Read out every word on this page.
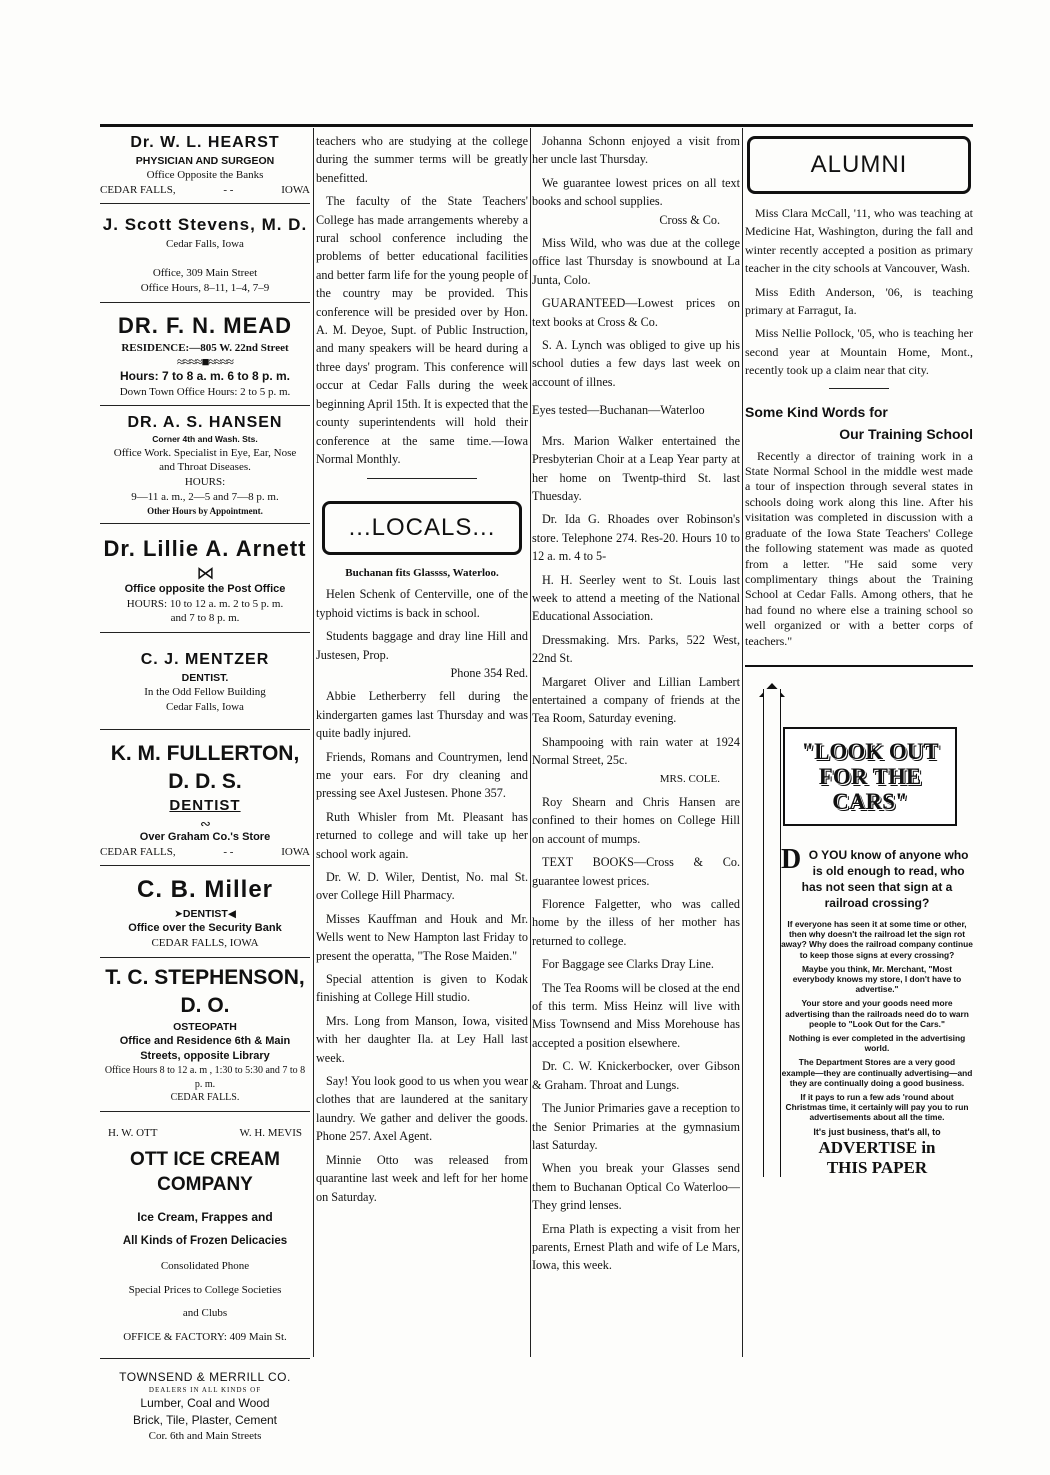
Dr. W. L. HEARST
PHYSICIAN AND SURGEON
Office Opposite the Banks
CEDAR FALLS,	- -	IOWA
J. Scott Stevens, M. D.
Cedar Falls, Iowa
Office, 309 Main Street
Office Hours, 8–11, 1–4, 7–9
DR. F. N. MEAD
RESIDENCE:—805 W. 22nd Street
≈≈≈≈■≈≈≈≈
Hours: 7 to 8 a. m. 6 to 8 p. m.
Down Town Office Hours: 2 to 5 p. m.
DR. A. S. HANSEN
Corner 4th and Wash. Sts.
Office Work. Specialist in Eye, Ear, Nose and Throat Diseases.
HOURS:
9—11 a. m., 2—5 and 7—8 p. m.
Other Hours by Appointment.
Dr. Lillie A. Arnett
⋈
Office opposite the Post Office
HOURS: 10 to 12 a. m. 2 to 5 p. m. and 7 to 8 p. m.
C. J. MENTZER
DENTIST.
In the Odd Fellow Building
Cedar Falls, Iowa
K. M. FULLERTON, D. D. S.
DENTIST
∾
Over Graham Co.'s Store
CEDAR FALLS,	- -	IOWA
C. B. Miller
➤DENTIST◀
Office over the Security Bank
CEDAR FALLS, IOWA
T. C. STEPHENSON, D. O.
OSTEOPATH
Office and Residence 6th & Main Streets, opposite Library
Office Hours 8 to 12 a. m , 1:30 to 5:30 and 7 to 8 p. m.
CEDAR FALLS.
H. W. OTT	W. H. MEVIS
OTT ICE CREAM COMPANY
Ice Cream, Frappes and
All Kinds of Frozen Delicacies
Consolidated Phone
Special Prices to College Societies
and Clubs
OFFICE & FACTORY: 409 Main St.
TOWNSEND & MERRILL CO.
DEALERS IN ALL KINDS OF
Lumber, Coal and Wood
Brick, Tile, Plaster, Cement
Cor. 6th and Main Streets

teachers who are studying at the college during the summer terms will be greatly benefitted.

The faculty of the State Teachers' College has made arrangements whereby a rural school conference including the problems of better educational facilities and better farm life for the young people of the country may be provided. This conference will be presided over by Hon. A. M. Deyoe, Supt. of Public Instruction, and many speakers will be heard during a three days' program. This conference will occur at Cedar Falls during the week beginning April 15th. It is expected that the county superintendents will hold their conference at the same time.—Iowa Normal Monthly.

...LOCALS...
Buchanan fits Glassss, Waterloo.

Helen Schenk of Centerville, one of the typhoid victims is back in school.

Students baggage and dray line Hill and Justesen, Prop.

Phone 354 Red.

Abbie Letherberry fell during the kindergarten games last Thursday and was quite badly injured.

Friends, Romans and Countrymen, lend me your ears. For dry cleaning and pressing see Axel Justesen. Phone 357.

Ruth Whisler from Mt. Pleasant has returned to college and will take up her school work again.

Dr. W. D. Wiler, Dentist, No. mal St. over College Hill Pharmacy.

Misses Kauffman and Houk and Mr. Wells went to New Hampton last Friday to present the operatta, "The Rose Maiden."

Special attention is given to Kodak finishing at College Hill studio.

Mrs. Long from Manson, Iowa, visited with her daughter Ila. at Ley Hall last week.

Say! You look good to us when you wear clothes that are laundered at the sanitary laundry. We gather and deliver the goods. Phone 257. Axel Agent.

Minnie Otto was released from quarantine last week and left for her home on Saturday.

Johanna Schonn enjoyed a visit from her uncle last Thursday.

We guarantee lowest prices on all text books and school supplies.

Cross & Co.

Miss Wild, who was due at the college office last Thursday is snowbound at La Junta, Colo.

GUARANTEED—Lowest prices on text books at Cross & Co.

S. A. Lynch was obliged to give up his school duties a few days last week on account of illnes.

Eyes tested—Buchanan—Waterloo

Mrs. Marion Walker entertained the Presbyterian Choir at a Leap Year party at her home on Twentp-third St. last Thuesday.

Dr. Ida G. Rhoades over Robinson's store. Telephone 274. Res-20. Hours 10 to 12 a. m. 4 to 5-

H. H. Seerley went to St. Louis last week to attend a meeting of the National Educational Association.

Dressmaking. Mrs. Parks, 522 West, 22nd St.

Margaret Oliver and Lillian Lambert entertained a company of friends at the Tea Room, Saturday evening.

Shampooing with rain water at 1924 Normal Street, 25c.

MRS. COLE.

Roy Shearn and Chris Hansen are confined to their homes on College Hill on account of mumps.

TEXT BOOKS—Cross & Co. guarantee lowest prices.

Florence Falgetter, who was called home by the illess of her mother has returned to college.

For Baggage see Clarks Dray Line.

The Tea Rooms will be closed at the end of this term. Miss Heinz will live with Miss Townsend and Miss Morehouse has accepted a position elsewhere.

Dr. C. W. Knickerbocker, over Gibson & Graham. Throat and Lungs.

The Junior Primaries gave a reception to the Senior Primaries at the gymnasium last Saturday.

When you break your Glasses send them to Buchanan Optical Co Waterloo—They grind lenses.

Erna Plath is expecting a visit from her parents, Ernest Plath and wife of Le Mars, Iowa, this week.

ALUMNI

Miss Clara McCall, '11, who was teaching at Medicine Hat, Washington, during the fall and winter recently accepted a position as primary teacher in the city schools at Vancouver, Wash.

Miss Edith Anderson, '06, is teaching primary at Farragut, Ia.

Miss Nellie Pollock, '05, who is teaching her second year at Mountain Home, Mont., recently took up a claim near that city.

Some Kind Words for
Our Training School

Recently a director of training work in a State Normal School in the middle west made a tour of inspection through several states in schools doing work along this line. After his visitation was completed in discussion with a graduate of the Iowa State Teachers' College the following statement was made as quoted from a letter. "He said some very complimentary things about the Training School at Cedar Falls. Among others, that he had found no where else a training school so well organized or with a better corps of teachers."

"LOOK OUT
FOR THE
CARS"
D O YOU know of anyone who is old enough to read, who has not seen that sign at a railroad crossing?

If everyone has seen it at some time or other, then why doesn't the railroad let the sign rot away? Why does the railroad company continue to keep those signs at every crossing?

Maybe you think, Mr. Merchant, "Most everybody knows my store, I don't have to advertise."

Your store and your goods need more advertising than the railroads need do to warn people to "Look Out for the Cars."

Nothing is ever completed in the advertising world.

The Department Stores are a very good example—they are continually advertising—and they are continually doing a good business.

If it pays to run a few ads 'round about Christmas time, it certainly will pay you to run advertisements about all the time.

It's just business, that's all, to

ADVERTISE in
THIS PAPER
